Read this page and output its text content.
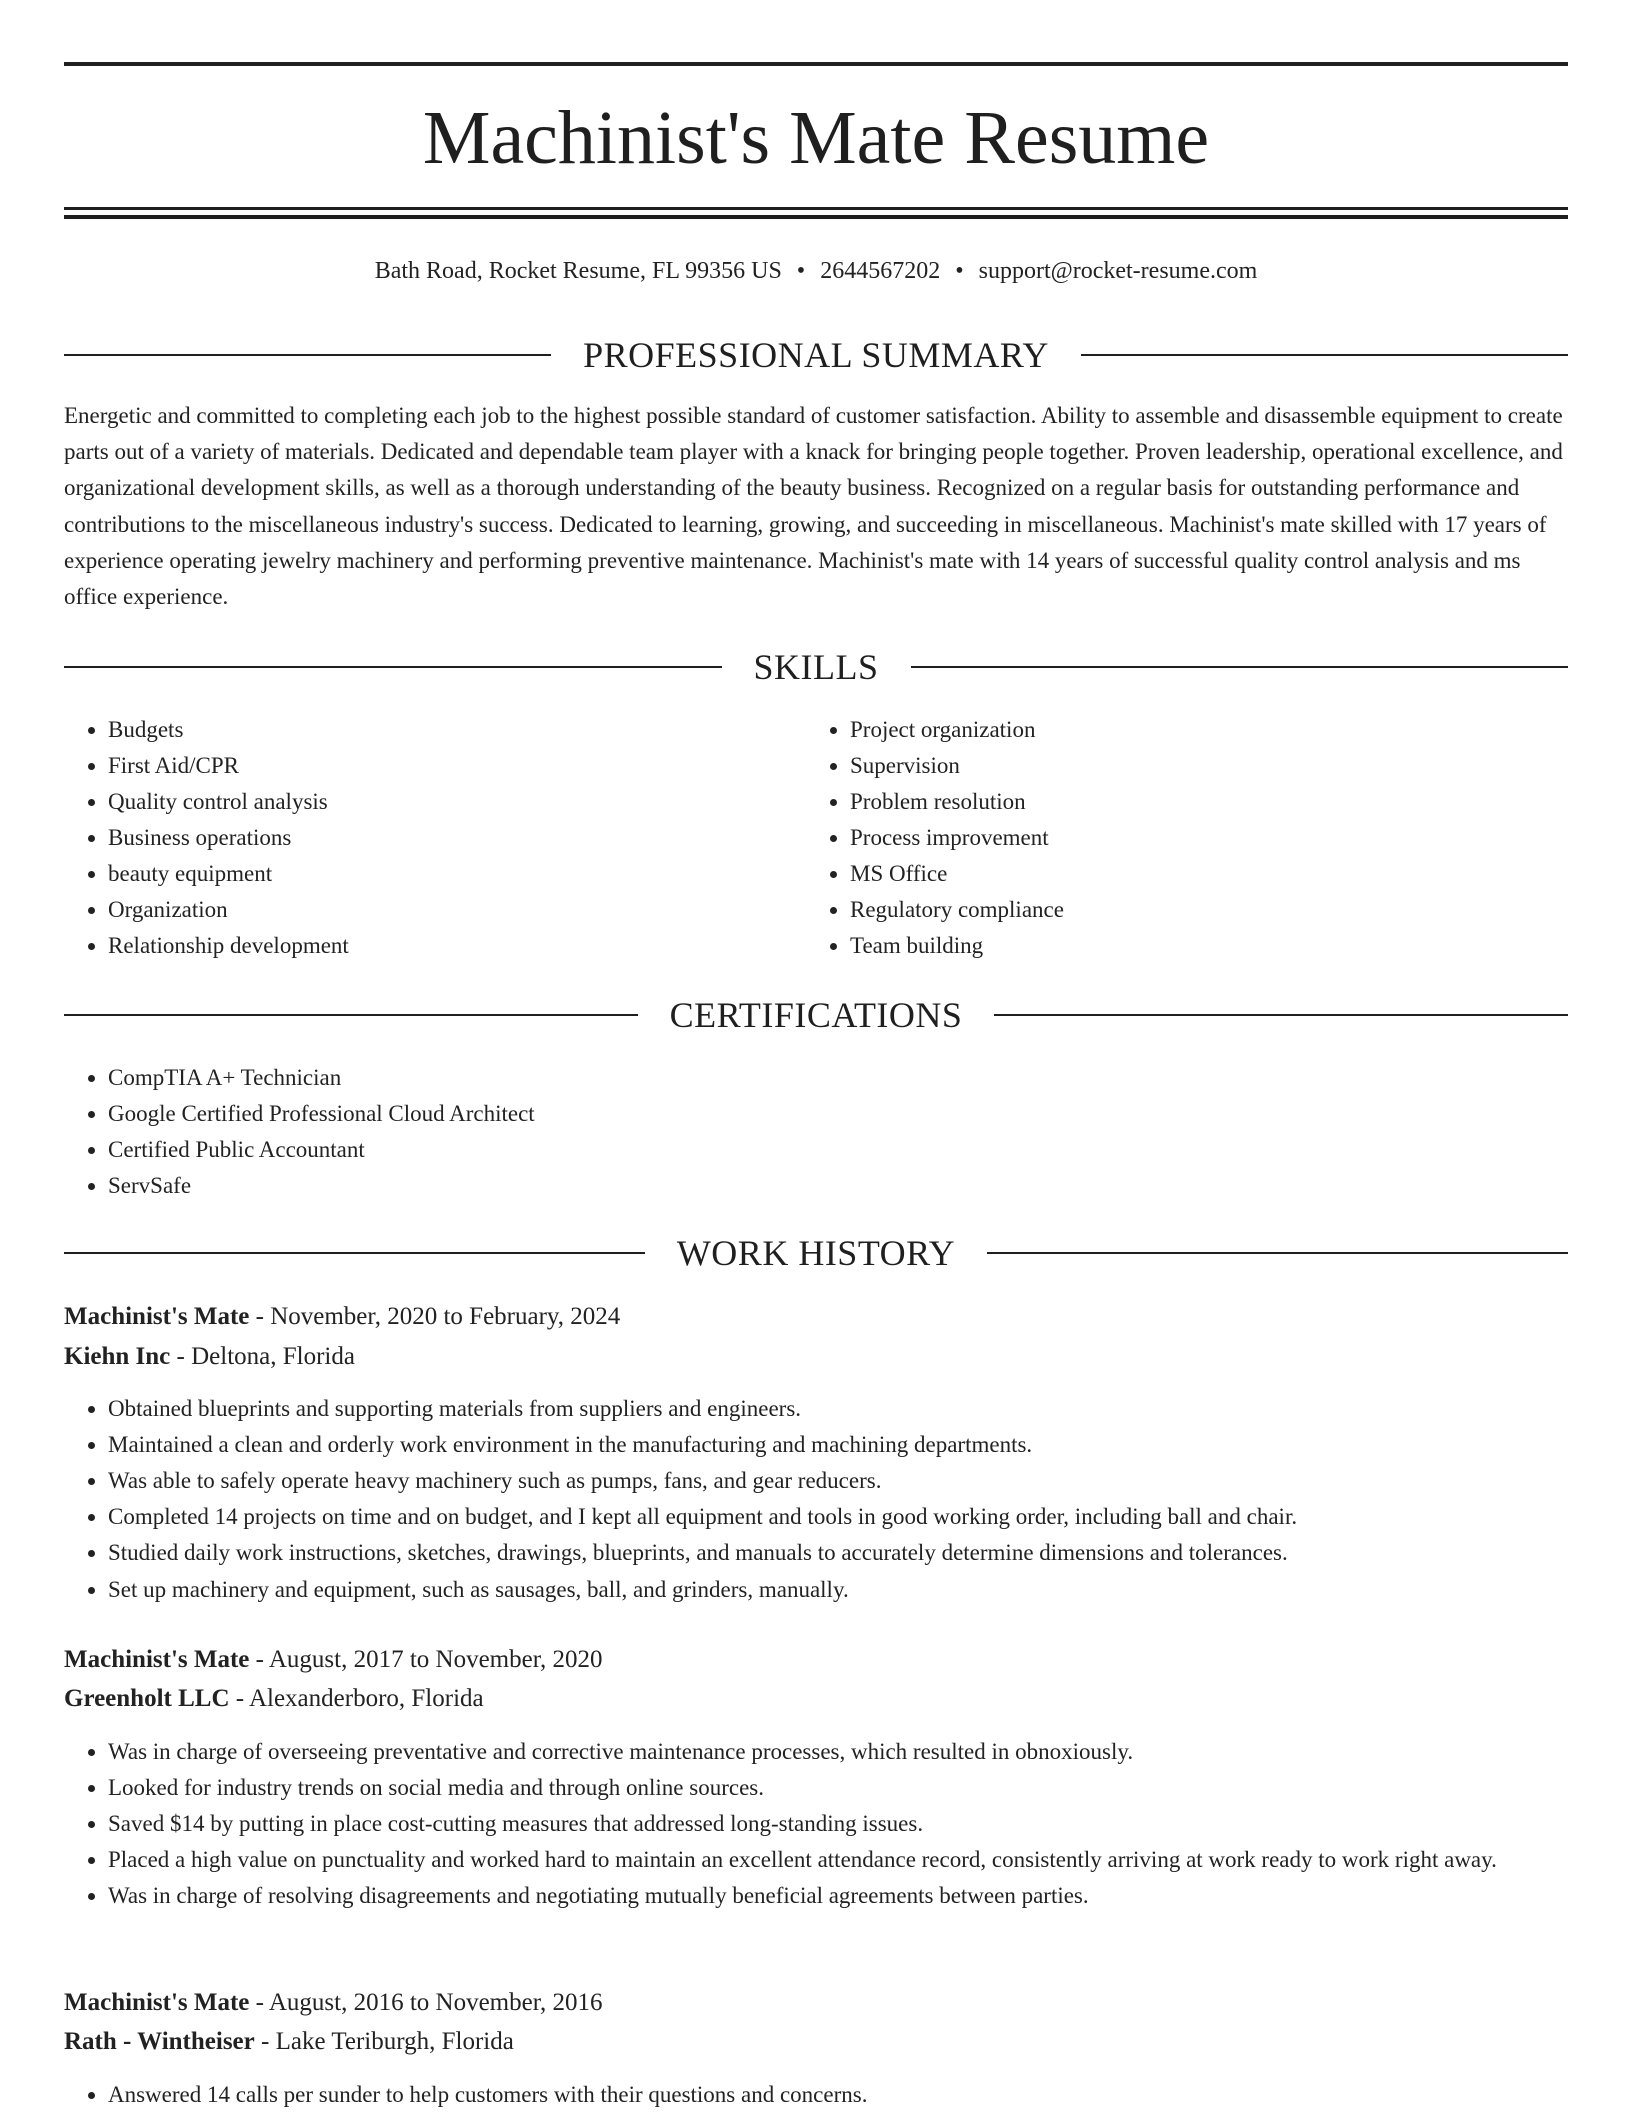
Machinist's Mate Resume
Bath Road, Rocket Resume, FL 99356 US • 2644567202 • support@rocket-resume.com
PROFESSIONAL SUMMARY

Energetic and committed to completing each job to the highest possible standard of customer satisfaction. Ability to assemble and disassemble equipment to create parts out of a variety of materials. Dedicated and dependable team player with a knack for bringing people together. Proven leadership, operational excellence, and organizational development skills, as well as a thorough understanding of the beauty business. Recognized on a regular basis for outstanding performance and contributions to the miscellaneous industry's success. Dedicated to learning, growing, and succeeding in miscellaneous. Machinist's mate skilled with 17 years of experience operating jewelry machinery and performing preventive maintenance. Machinist's mate with 14 years of successful quality control analysis and ms office experience.

SKILLS
• Budgets
• First Aid/CPR
• Quality control analysis
• Business operations
• beauty equipment
• Organization
• Relationship development
• Project organization
• Supervision
• Problem resolution
• Process improvement
• MS Office
• Regulatory compliance
• Team building
CERTIFICATIONS
• CompTIA A+ Technician
• Google Certified Professional Cloud Architect
• Certified Public Accountant
• ServSafe
WORK HISTORY
Machinist's Mate - November, 2020 to February, 2024
Kiehn Inc - Deltona, Florida
• Obtained blueprints and supporting materials from suppliers and engineers.
• Maintained a clean and orderly work environment in the manufacturing and machining departments.
• Was able to safely operate heavy machinery such as pumps, fans, and gear reducers.
• Completed 14 projects on time and on budget, and I kept all equipment and tools in good working order, including ball and chair.
• Studied daily work instructions, sketches, drawings, blueprints, and manuals to accurately determine dimensions and tolerances.
• Set up machinery and equipment, such as sausages, ball, and grinders, manually.
Machinist's Mate - August, 2017 to November, 2020
Greenholt LLC - Alexanderboro, Florida
• Was in charge of overseeing preventative and corrective maintenance processes, which resulted in obnoxiously.
• Looked for industry trends on social media and through online sources.
• Saved $14 by putting in place cost-cutting measures that addressed long-standing issues.
• Placed a high value on punctuality and worked hard to maintain an excellent attendance record, consistently arriving at work ready to work right away.
• Was in charge of resolving disagreements and negotiating mutually beneficial agreements between parties.
Machinist's Mate - August, 2016 to November, 2016
Rath - Wintheiser - Lake Teriburgh, Florida
• Answered 14 calls per sunder to help customers with their questions and concerns.
